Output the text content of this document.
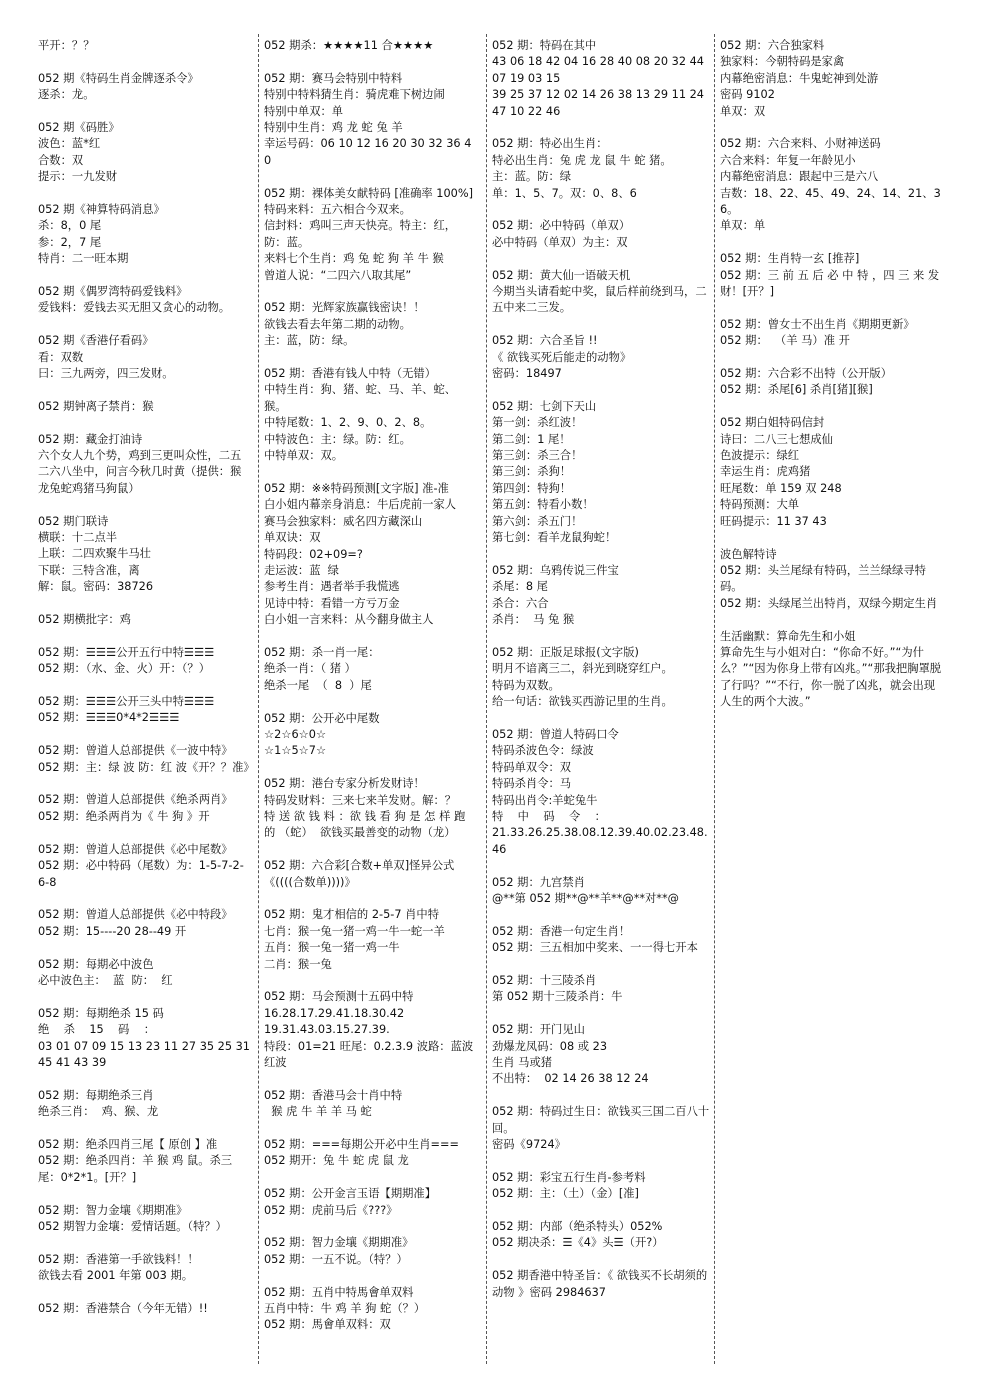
平开：？？
052 期《特码生肖金牌逐杀令》
逐杀：龙。
052 期《码胜》
波色：蓝*红
合数：双
提示：一九发财
052 期《神算特码消息》
杀：8，0 尾
参：2，7 尾
特肖：二一旺本期
052 期《偶罗湾特码爱钱料》
爱钱料：爱钱去买无胆又贪心的动物。
052 期《香港仔看码》
看：双数
曰：三九两旁，四三发财。
052 期钟离子禁肖：猴
052 期：藏金打油诗
六个女人九个势，鸡到三更叫众性，二五二六八坐中，问言今秋几时黄（提供：猴龙兔蛇鸡猪马狗鼠）
052 期门联诗
横联：十二点半
上联：二四欢聚牛马壮
下联：三特含准，离
解：鼠。密码：38726
052 期横批字：鸡
052 期：☰☰☰公开五行中特☰☰☰
052 期：（水、金、火）开：（？）
052 期：☰☰☰公开三头中特☰☰☰
052 期：☰☰☰0*4*2☰☰☰
052 期：曾道人总部提供《一波中特》
052 期：主：绿 波 防：红 波《开？？准》
052 期：曾道人总部提供《绝杀两肖》
052 期：绝杀两肖为《 牛 狗 》开
052 期：曾道人总部提供《必中尾数》
052 期：必中特码（尾数）为：1-5-7-2-6-8
052 期：曾道人总部提供《必中特段》
052 期：15----20 28--49 开
052 期：每期必中波色
必中波色主：  蓝  防：  红
052 期：每期绝杀 15 码
绝    杀    15    码    ：
03 01 07 09 15 13 23 11 27 35 25 31 45 41 43 39
052 期：每期绝杀三肖
绝杀三肖：  鸡、猴、龙
052 期：绝杀四肖三尾【 原创 】准
052 期：绝杀四肖：羊 猴 鸡 鼠。杀三尾：0*2*1。[开？]
052 期：智力金壤《期期准》
052 期智力金壤：爱情话题。（特？）
052 期：香港第一手欲钱料！！
欲钱去看 2001 年第 003 期。
052 期：香港禁合（今年无错）!!
052 期杀：★★★★11 合★★★★
052 期：赛马会特别中特料
特别中特料猜生肖：骑虎难下树边闹
特别中单双：单
特别中生肖：鸡 龙 蛇 兔 羊
幸运号码：06 10 12 16 20 30 32 36 40
052 期：裸体美女献特码 [准确率 100%]
特码来料：五六相合今双来。
信封料：鸡叫三声天快亮。特主：红，防：蓝。
来料七个生肖：鸡 兔 蛇 狗 羊 牛 猴
曾道人说：“二四六八取其尾”
052 期：光辉家族赢钱密诀！！
欲钱去看去年第二期的动物。
主：蓝，防：绿。
052 期：香港有钱人中特（无错）
中特生肖：狗、猪、蛇、马、羊、蛇、猴。
中特尾数：1、2、9、0、2、8。
中特波色：主：绿。防：红。
中特单双：双。
052 期：※※特码预测[文字版] 准-准
白小姐内幕亲身消息：牛后虎前一家人
赛马会独家料：威名四方藏深山
单双诀：双
特码段：02+09=?
走运波：蓝  绿
参考生肖：遇者举手我慌逃
见诗中特：看错一方亏万金
白小姐一言来料：从今翻身做主人
052 期：杀一肖一尾：
绝杀一肖：（ 猪 ）
绝杀一尾  （  8  ）尾
052 期：公开必中尾数
☆2☆6☆0☆
☆1☆5☆7☆
052 期：港台专家分析发财诗！
特码发财料：三来七来羊发财。解：？
特 送 欲 钱 料 ：欲 钱 看 狗 是 怎 样 跑 的 （蛇）  欲钱买最善变的动物（龙）
052 期：六合彩[合数+单双]怪异公式
《((((合数单))))》
052 期：鬼才相信的 2-5-7 肖中特
七肖：猴一兔一猪一鸡一牛一蛇一羊
五肖：猴一兔一猪一鸡一牛
二肖：猴一兔
052 期：马会预测十五码中特
16.28.17.29.41.18.30.42
19.31.43.03.15.27.39.
特段：01=21 旺尾：0.2.3.9 波路：蓝波  红波
052 期：香港马会十肖中特
猴 虎 牛 羊 羊 马 蛇
052 期：===每期公开必中生肖===
052 期开：兔 牛 蛇 虎 鼠 龙
052 期：公开金言玉语【期期准】
052 期：虎前马后《???》
052 期：智力金壤《期期准》
052 期：一五不说。（特？）
052 期：五肖中特馬會单双料
五肖中特：牛 鸡 羊 狗 蛇（？）
052 期：馬會单双料：双
052 期：特码在其中
43 06 18 42 04 16 28 40 08 20 32 44 07 19 03 15
39 25 37 12 02 14 26 38 13 29 11 24 47 10 22 46
052 期：特必出生肖：
特必出生肖：兔 虎 龙 鼠 牛 蛇 猪。
主：蓝。防：绿
单：1、5、7。双：0、8、6
052 期：必中特码（单双）
必中特码（单双）为主：双
052 期：黄大仙一语破天机
今期当头请看蛇中奖，鼠后样前绕到马，二五中来二三发。
052 期：六合圣旨 !!
《 欲钱买死后能走的动物》
密码：18497
052 期：七剑下天山
第一剑：杀红波！
第二剑：1 尾！
第三剑：杀三合！
第三剑：杀狗！
第四剑：特狗！
第五剑：特看小数！
第六剑：杀五门！
第七剑：看羊龙鼠狗蛇！
052 期：乌鸦传说三件宝
杀尾：8 尾
杀合：六合
杀肖：  马 兔 猴
052 期：正版足球报(文字版)
明月不谙离三二，斜光到晓穿红户。
特码为双数。
给一句话：欲钱买西游记里的生肖。
052 期：曾道人特码口令
特码杀波色令：绿波
特码单双令：双
特码杀肖令：马
特码出肖令:羊蛇兔牛
特    中    码    令    ：
21.33.26.25.38.08.12.39.40.02.23.48.46
052 期：九宫禁肖
@**第 052 期**@**羊**@**对**@
052 期：香港一句定生肖！
052 期：三五相加中奖来、一一得七开本
052 期：十三陵杀肖
第 052 期十三陵杀肖：牛
052 期：开门见山
劲爆龙凤码：08 或 23
生肖 马或猪
不出特：  02 14 26 38 12 24
052 期：特码过生日：欲钱买三国二百八十回。
密码《9724》
052 期：彩宝五行生肖-参考料
052 期：主：（土）（金）[准]
052 期：内部（绝杀特头）052%
052 期决杀：☰《4》头☰（开?）
052 期香港中特圣旨：《 欲钱买不长胡须的动物 》密码 2984637
052 期：六合独家料
独家料：今朝特码是家禽
内幕绝密消息：牛鬼蛇神到处游
密码 9102
单双：双
052 期：六合来料、小财神送码
六合来料：年复一年龄见小
内幕绝密消息：跟起中三是六八
吉数：18、22、45、49、24、14、21、36。
单双：单
052 期：生肖特一玄 [推荐]
052 期：三 前 五 后 必 中 特 ，四 三 来 发财！[开？]
052 期：曾女士不出生肖《期期更新》
052 期：  （羊 马）准 开
052 期：六合彩不出特（公开版）
052 期：杀尾[6] 杀肖[猪][猴]
052 期白姐特码信封
诗曰：二八三七想成仙
色波提示：绿红
幸运生肖：虎鸡猪
旺尾数：单 159 双 248
特码预测：大单
旺码提示：11 37 43
波色解特诗
052 期：头兰尾绿有特码，兰兰绿绿寻特码。
052 期：头绿尾兰出特肖，双绿今期定生肖
生活幽默：算命先生和小姐
算命先生与小姐对白：“你命不好。”“为什么？”“因为你身上带有凶兆。”“那我把胸罩脱了行吗？”“不行，你一脱了凶兆，就会出现人生的两个大波。”
